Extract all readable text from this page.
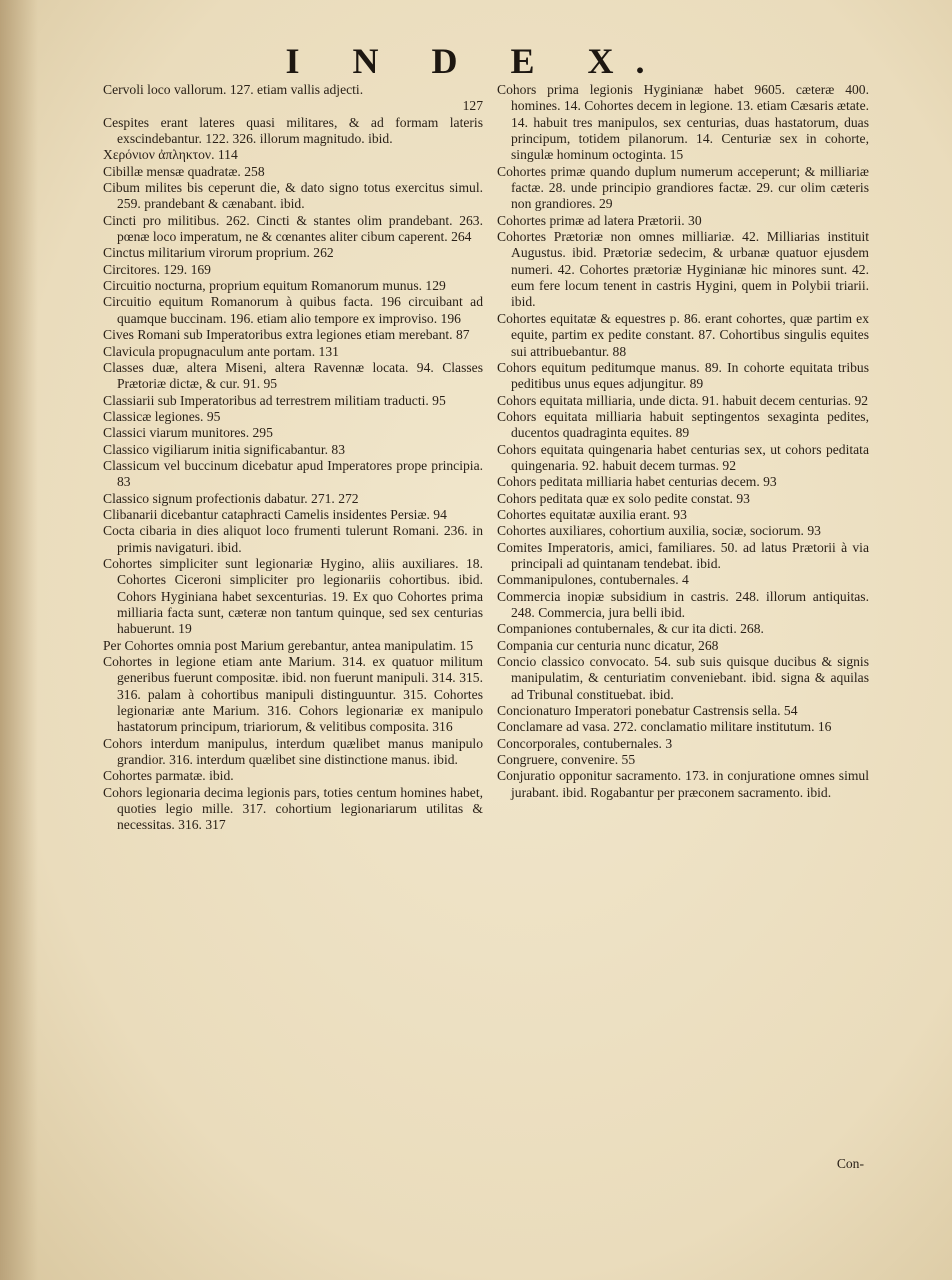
I N D E X.
Cervoli loco vallorum. 127. etiam vallis adjecti.
127
Cespites erant lateres quasi militares, & ad formam lateris exscindebantur. 122. 326. illorum magnitudo. ibid.
Χερόνιον ἀπληκτον. 114
Cibillæ mensæ quadratæ. 258
Cibum milites bis ceperunt die, & dato signo totus exercitus simul. 259. prandebant & cænabant. ibid.
Cincti pro militibus. 262. Cincti & stantes olim prandebant. 263. pœnæ loco imperatum, ne & cœnantes aliter cibum caperent. 264
Cinctus militarium virorum proprium. 262
Circitores. 129. 169
Circuitio nocturna, proprium equitum Romanorum munus. 129
Circuitio equitum Romanorum à quibus facta. 196 circuibant ad quamque buccinam. 196. etiam alio tempore ex improviso. 196
Cives Romani sub Imperatoribus extra legiones etiam merebant. 87
Clavicula propugnaculum ante portam. 131
Classes duæ, altera Miseni, altera Ravennæ locata. 94. Classes Prætoriæ dictæ, & cur. 91. 95
Classiarii sub Imperatoribus ad terrestrem militiam traducti. 95
Classicæ legiones. 95
Classici viarum munitores. 295
Classico vigiliarum initia significabantur. 83
Classicum vel buccinum dicebatur apud Imperatores prope principia. 83
Classico signum profectionis dabatur. 271. 272
Clibanarii dicebantur cataphracti Camelis insidentes Persiæ. 94
Cocta cibaria in dies aliquot loco frumenti tulerunt Romani. 236. in primis navigaturi. ibid.
Cohortes simpliciter sunt legionariæ Hygino, aliis auxiliares. 18. Cohortes Ciceroni simpliciter pro legionariis cohortibus. ibid. Cohors Hyginiana habet sexcenturias. 19. Ex quo Cohortes prima milliaria facta sunt, cæteræ non tantum quinque, sed sex centurias habuerunt. 19
Per Cohortes omnia post Marium gerebantur, antea manipulatim. 15
Cohortes in legione etiam ante Marium. 314. ex quatuor militum generibus fuerunt compositæ. ibid. non fuerunt manipuli. 314. 315. 316. palam à cohortibus manipuli distinguuntur. 315. Cohortes legionariæ ante Marium. 316. Cohors legionariæ ex manipulo hastatorum principum, triariorum, & velitibus composita. 316
Cohors interdum manipulus, interdum quælibet manus manipulo grandior. 316. interdum quælibet sine distinctione manus. ibid.
Cohortes parmatæ. ibid.
Cohors legionaria decima legionis pars, toties centum homines habet, quoties legio mille. 317. cohortium legionariarum utilitas & necessitas. 316. 317
Cohors prima legionis Hyginianæ habet 9605. cæteræ 400. homines. 14. Cohortes decem in legione. 13. etiam Cæsaris ætate. 14. habuit tres manipulos, sex centurias, duas hastatorum, duas principum, totidem pilanorum. 14. Centuriæ sex in cohorte, singulæ hominum octoginta. 15
Cohortes primæ quando duplum numerum acceperunt; & milliariæ factæ. 28. unde principio grandiores factæ. 29. cur olim cæteris non grandiores. 29
Cohortes primæ ad latera Prætorii. 30
Cohortes Prætoriæ non omnes milliariæ. 42. Milliarias instituit Augustus. ibid. Prætoriæ sedecim, & urbanæ quatuor ejusdem numeri. 42. Cohortes prætoriæ Hyginianæ hic minores sunt. 42. eum fere locum tenent in castris Hygini, quem in Polybii triarii. ibid.
Cohortes equitatæ & equestres p. 86. erant cohortes, quæ partim ex equite, partim ex pedite constant. 87. Cohortibus singulis equites sui attribuebantur. 88
Cohors equitum peditumque manus. 89. In cohorte equitata tribus peditibus unus eques adjungitur. 89
Cohors equitata milliaria, unde dicta. 91. habuit decem centurias. 92
Cohors equitata milliaria habuit septingentos sexaginta pedites, ducentos quadraginta equites. 89
Cohors equitata quingenaria habet centurias sex, ut cohors peditata quingenaria. 92. habuit decem turmas. 92
Cohors peditata milliaria habet centurias decem. 93
Cohors peditata quæ ex solo pedite constat. 93
Cohortes equitatæ auxilia erant. 93
Cohortes auxiliares, cohortium auxilia, sociæ, sociorum. 93
Comites Imperatoris, amici, familiares. 50. ad latus Prætorii à via principali ad quintanam tendebat. ibid.
Commanipulones, contubernales. 4
Commercia inopiæ subsidium in castris. 248. illorum antiquitas. 248. Commercia, jura belli ibid.
Companiones contubernales, & cur ita dicti. 268.
Compania cur centuria nunc dicatur, 268
Concio classico convocato. 54. sub suis quisque ducibus & signis manipulatim, & centuriatim conveniebant. ibid. signa & aquilas ad Tribunal constituebat. ibid.
Concionaturo Imperatori ponebatur Castrensis sella. 54
Conclamare ad vasa. 272. conclamatio militare institutum. 16
Concorporales, contubernales. 3
Congruere, convenire. 55
Conjuratio opponitur sacramento. 173. in conjuratione omnes simul jurabant. ibid. Rogabantur per præconem sacramento. ibid.
Con-
